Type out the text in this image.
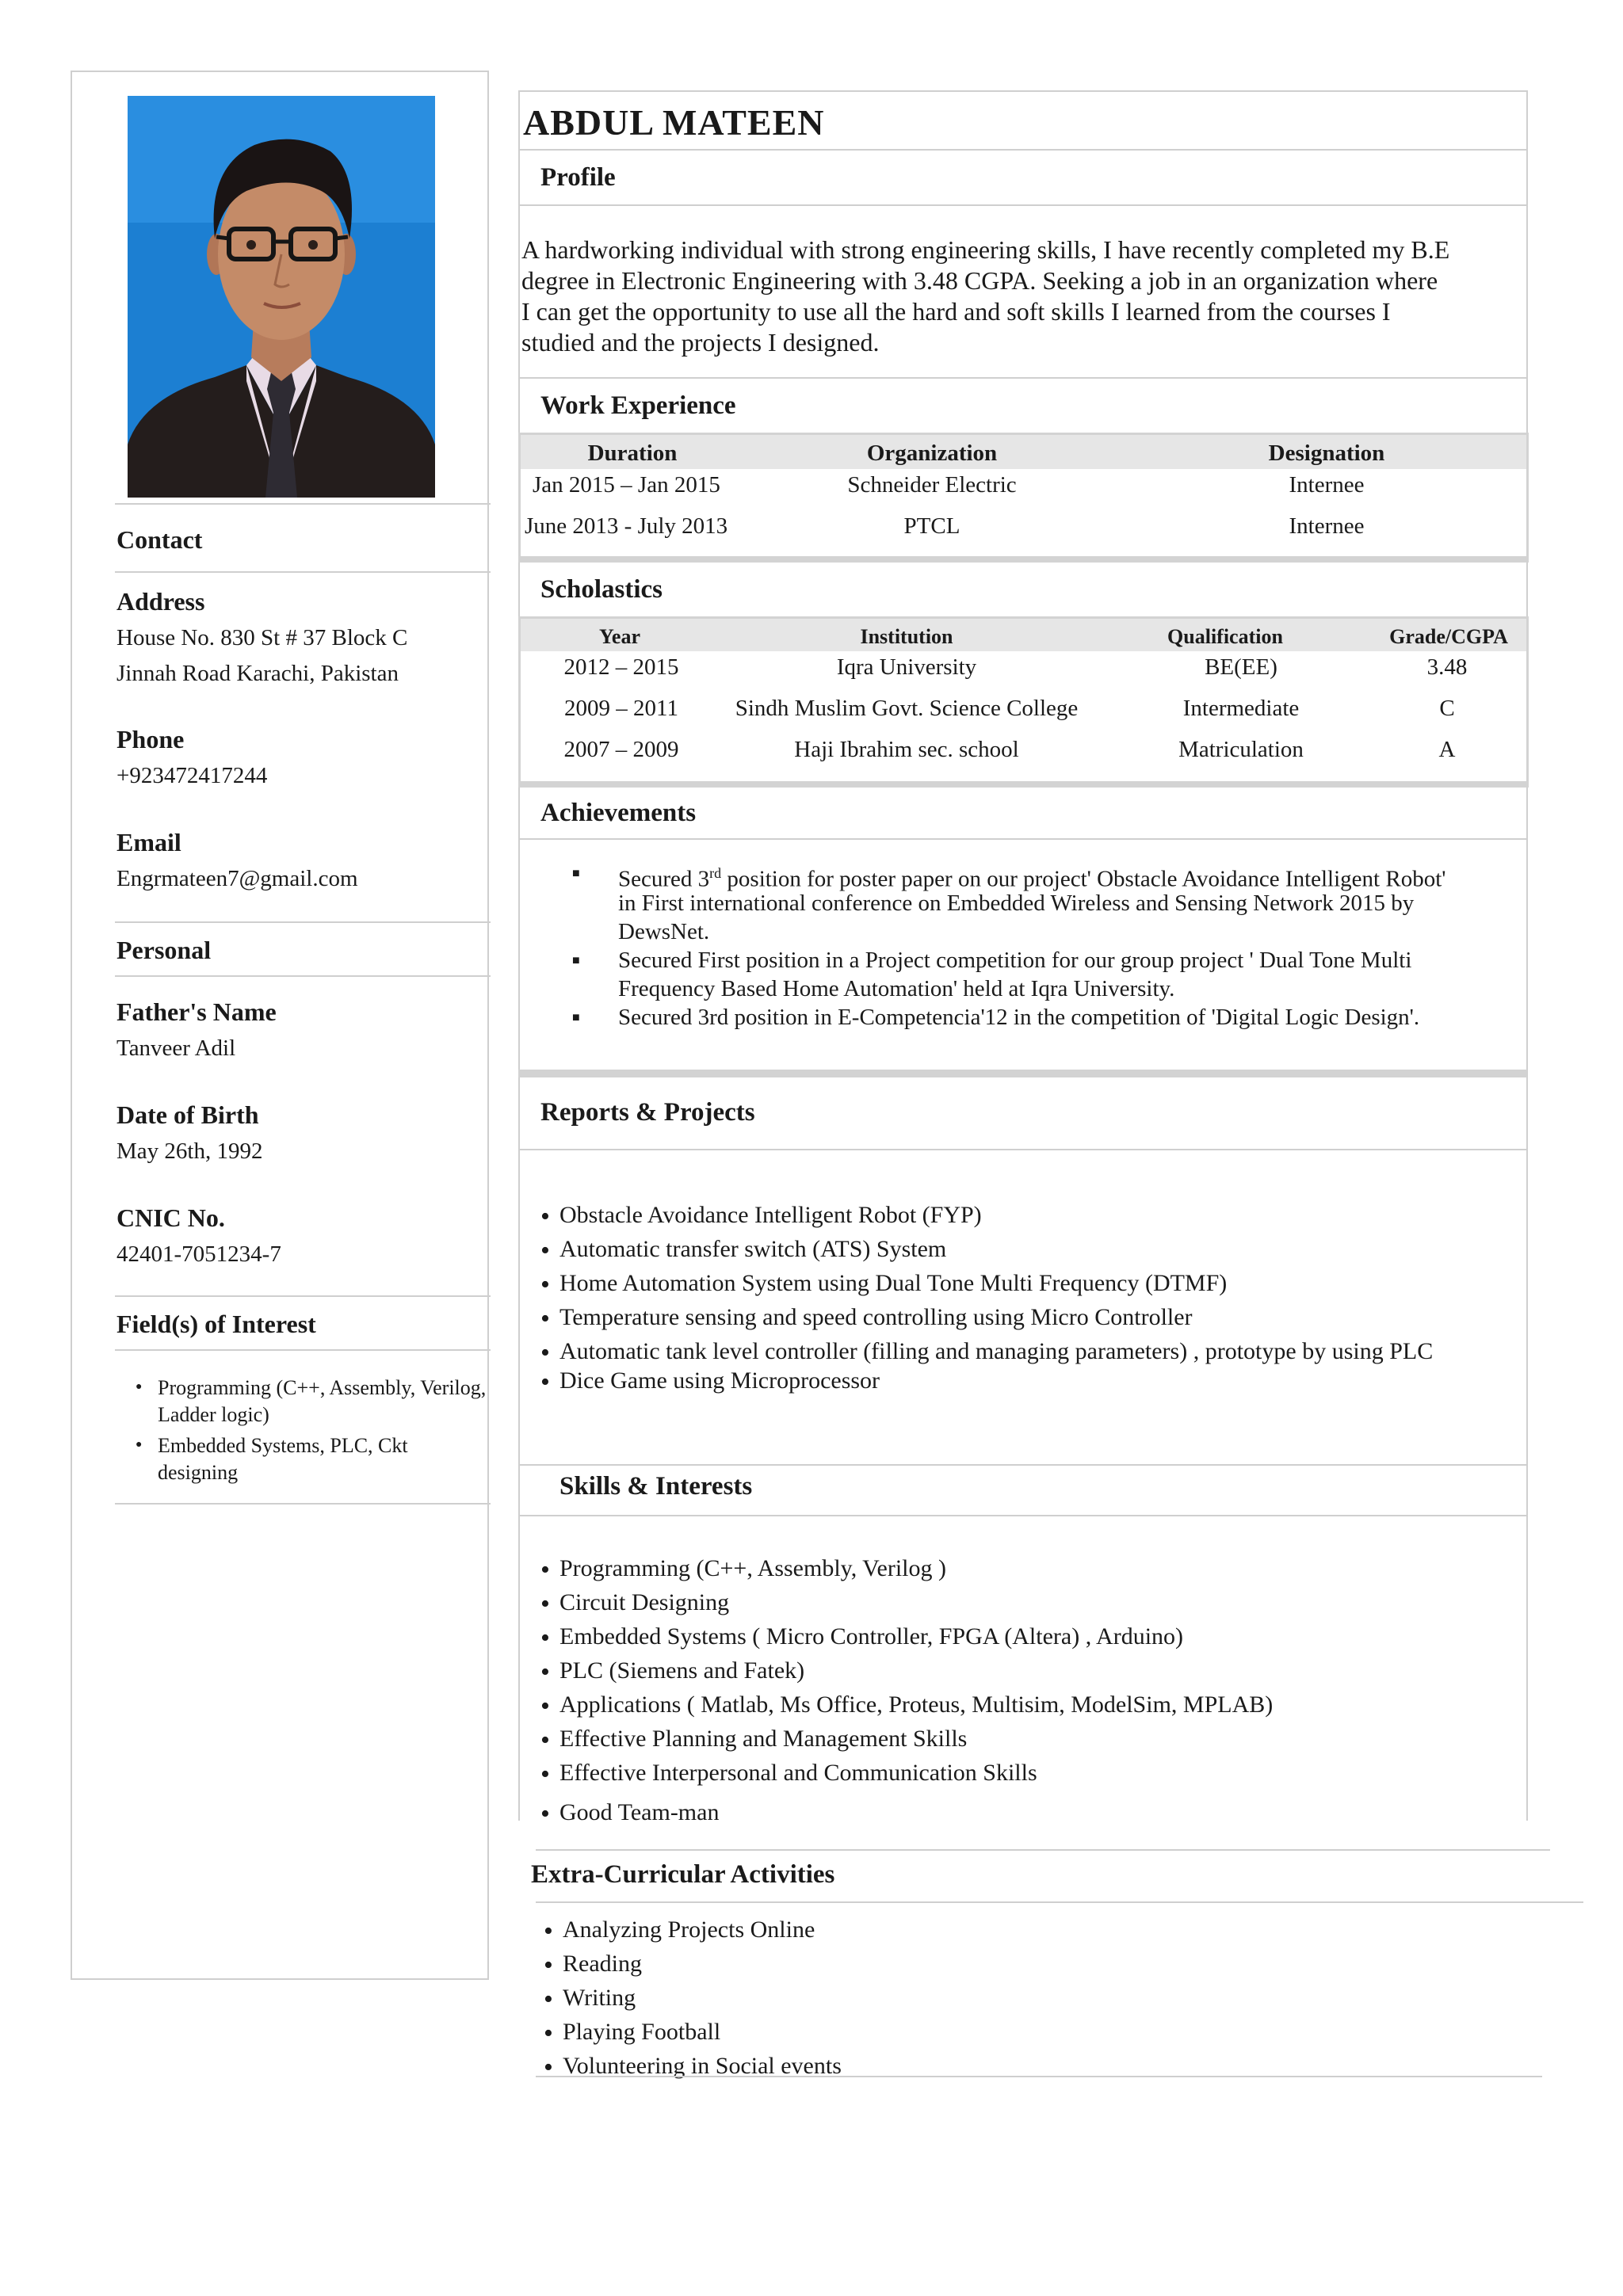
Contact
Address
House No. 830 St # 37 Block C
Jinnah Road Karachi, Pakistan
Phone
+923472417244
Email
Engrmateen7@gmail.com
Personal
Father's Name
Tanveer Adil
Date of Birth
May 26th, 1992
CNIC No.
42401-7051234-7
Field(s) of Interest
● Programming (C++, Assembly, Verilog, Ladder logic)
● Embedded Systems, PLC, Ckt designing
ABDUL MATEEN
Profile
A hardworking individual with strong engineering skills, I have recently completed my B.E
degree in Electronic Engineering with 3.48 CGPA. Seeking a job in an organization where
I can get the opportunity to use all the hard and soft skills I learned from the courses I
studied and the projects I designed.
Work Experience
Duration	Organization	Designation
Jan 2015 – Jan 2015	Schneider Electric	Internee
June 2013 - July 2013	PTCL	Internee
Scholastics
Year	Institution	Qualification	Grade/CGPA
2012 – 2015	Iqra University	BE(EE)	3.48
2009 – 2011 Sindh Muslim Govt. Science College	Intermediate	C
2007 – 2009	Haji Ibrahim sec. school	Matriculation	A
Achievements
■ Secured 3rd position for poster paper on our project' Obstacle Avoidance Intelligent Robot'
in First international conference on Embedded Wireless and Sensing Network 2015 by
DewsNet.
■ Secured First position in a Project competition for our group project ' Dual Tone Multi
Frequency Based Home Automation' held at Iqra University.
■ Secured 3rd position in E-Competencia'12 in the competition of 'Digital Logic Design'.
Reports & Projects
• Obstacle Avoidance Intelligent Robot (FYP)
• Automatic transfer switch (ATS) System
• Home Automation System using Dual Tone Multi Frequency (DTMF)
• Temperature sensing and speed controlling using Micro Controller
• Automatic tank level controller (filling and managing parameters) , prototype by using PLC
• Dice Game using Microprocessor
Skills & Interests
• Programming (C++, Assembly, Verilog )
• Circuit Designing
• Embedded Systems ( Micro Controller, FPGA (Altera) , Arduino)
• PLC (Siemens and Fatek)
• Applications ( Matlab, Ms Office, Proteus, Multisim, ModelSim, MPLAB)
• Effective Planning and Management Skills
• Effective Interpersonal and Communication Skills
• Good Team-man
Extra-Curricular Activities
• Analyzing Projects Online
• Reading
• Writing
• Playing Football
• Volunteering in Social events
